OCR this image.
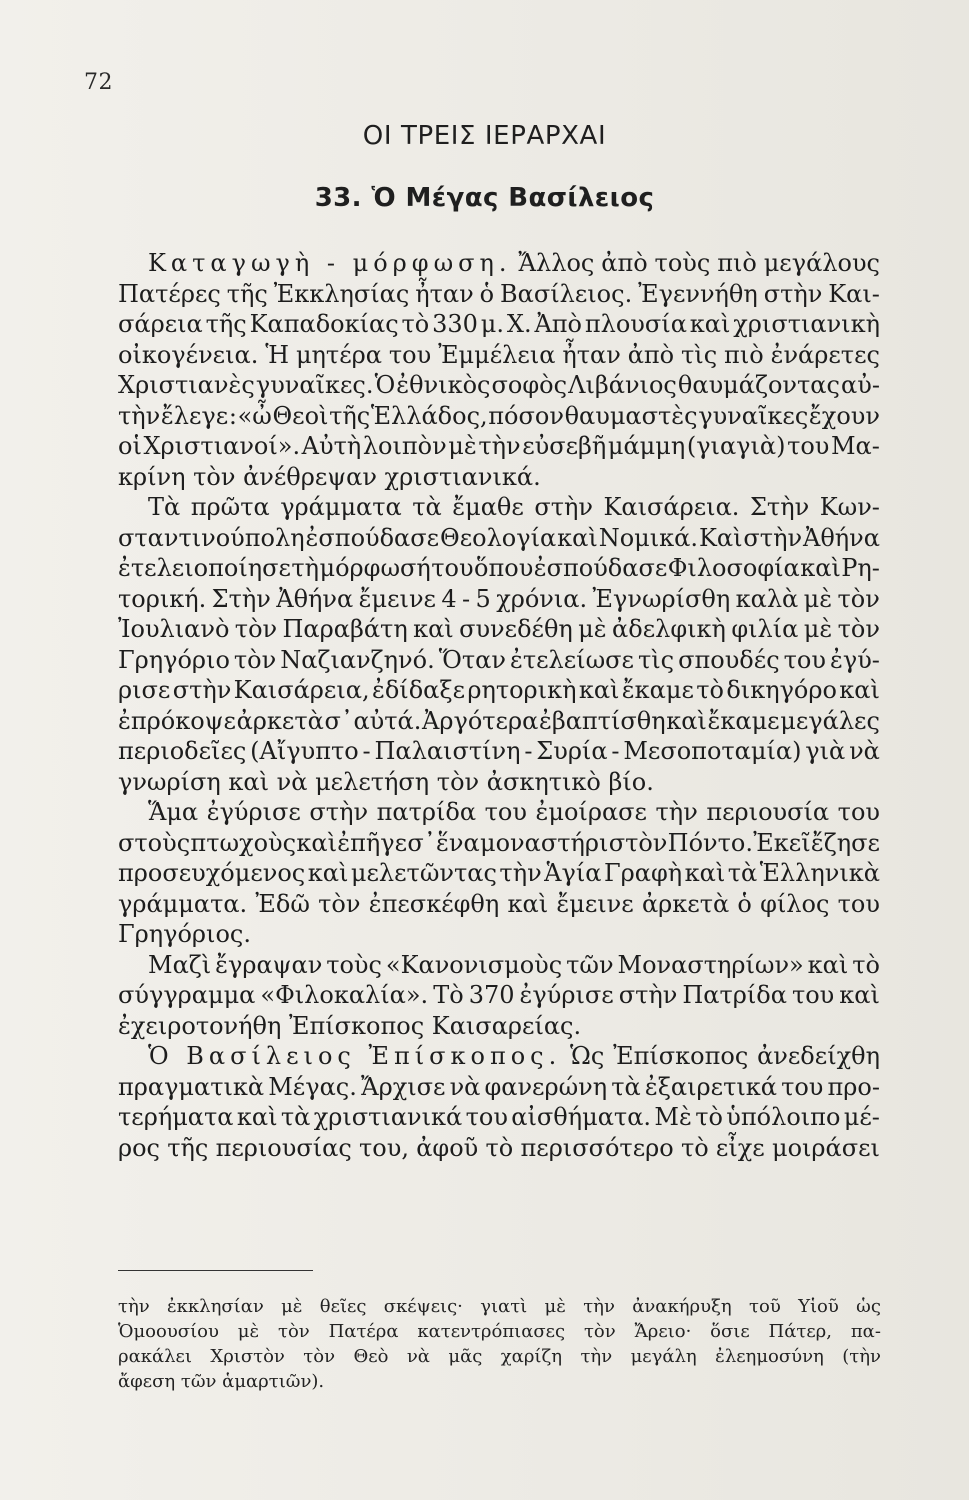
72
ΟΙ ΤΡΕΙΣ ΙΕΡΑΡΧΑΙ
33. Ὁ Μέγας Βασίλειος
Καταγωγὴ - μόρφωση. Ἄλλος ἀπὸ τοὺς πιὸ μεγάλους
Πατέρες τῆς Ἐκκλησίας ἦταν ὁ Βασίλειος. Ἐγεννήθη στὴν Και-
σάρεια τῆς Καπαδοκίας τὸ 330 μ. Χ. Ἀπὸ πλουσία καὶ χριστιανικὴ
οἰκογένεια. Ἡ μητέρα του Ἐμμέλεια ἦταν ἀπὸ τὶς πιὸ ἐνάρετες
Χριστιανὲς γυναῖκες. Ὁ ἐθνικὸς σοφὸς Λιβάνιος θαυμάζοντας αὐ-
τὴν ἔλεγε : «ὦ Θεοὶ τῆς Ἑλλάδος, πόσον θαυμαστὲς γυναῖκες ἔχουν
οἱ Χριστιανοί». Αὐτὴ λοιπὸν μὲ τὴν εὐσεβῆ μάμμη (γιαγιὰ) του Μα-
κρίνη τὸν ἀνέθρεψαν χριστιανικά.
Τὰ πρῶτα γράμματα τὰ ἔμαθε στὴν Καισάρεια. Στὴν Κων-
σταντινούπολη ἐσπούδασε Θεολογία καὶ Νομικά. Καὶ στὴν Ἀθήνα
ἐτελειοποίησε τὴ μόρφωσή του ὅπου ἐσπούδασε Φιλοσοφία καὶ Ρη-
τορική. Στὴν Ἀθήνα ἔμεινε 4 - 5 χρόνια. Ἐγνωρίσθη καλὰ μὲ τὸν
Ἰουλιανὸ τὸν Παραβάτη καὶ συνεδέθη μὲ ἀδελφικὴ φιλία μὲ τὸν
Γρηγόριο τὸν Ναζιανζηνό. Ὅταν ἐτελείωσε τὶς σπουδές του ἐγύ-
ρισε στὴν Καισάρεια, ἐδίδαξε ρητορικὴ καὶ ἔκαμε τὸ δικηγόρο καὶ
ἐπρόκοψε ἀρκετὰ σ᾽ αὐτά. Ἀργότερα ἐβαπτίσθη καὶ ἔκαμε μεγάλες
περιοδεῖες (Αἴγυπτο - Παλαιστίνη - Συρία - Μεσοποταμία) γιὰ νὰ
γνωρίση καὶ νὰ μελετήση τὸν ἀσκητικὸ βίο.
Ἅμα ἐγύρισε στὴν πατρίδα του ἐμοίρασε τὴν περιουσία του
στοὺς πτωχοὺς καὶ ἐπῆγε σ᾽ ἕνα μοναστήρι στὸν Πόντο. Ἐκεῖ ἔζησε
προσευχόμενος καὶ μελετῶντας τὴν Ἁγία Γραφὴ καὶ τὰ Ἑλληνικὰ
γράμματα. Ἐδῶ τὸν ἐπεσκέφθη καὶ ἔμεινε ἀρκετὰ ὁ φίλος του
Γρηγόριος.
Μαζὶ ἔγραψαν τοὺς «Κανονισμοὺς τῶν Μοναστηρίων» καὶ τὸ
σύγγραμμα «Φιλοκαλία». Τὸ 370 ἐγύρισε στὴν Πατρίδα του καὶ
ἐχειροτονήθη Ἐπίσκοπος Καισαρείας.
Ὁ Βασίλειος Ἐπίσκοπος. Ὡς Ἐπίσκοπος ἀνεδείχθη
πραγματικὰ Μέγας. Ἄρχισε νὰ φανερώνη τὰ ἐξαιρετικά του προ-
τερήματα καὶ τὰ χριστιανικά του αἰσθήματα. Μὲ τὸ ὑπόλοιπο μέ-
ρος τῆς περιουσίας του, ἀφοῦ τὸ περισσότερο τὸ εἶχε μοιράσει
τὴν ἐκκλησίαν μὲ θεῖες σκέψεις· γιατὶ μὲ τὴν ἀνακήρυξη τοῦ Υἱοῦ ὡς
Ὁμοουσίου μὲ τὸν Πατέρα κατεντρόπιασες τὸν Ἄρειο· ὅσιε Πάτερ, πα-
ρακάλει Χριστὸν τὸν Θεὸ νὰ μᾶς χαρίζη τὴν μεγάλη ἐλεημοσύνη (τὴν
ἄφεση τῶν ἁμαρτιῶν).
